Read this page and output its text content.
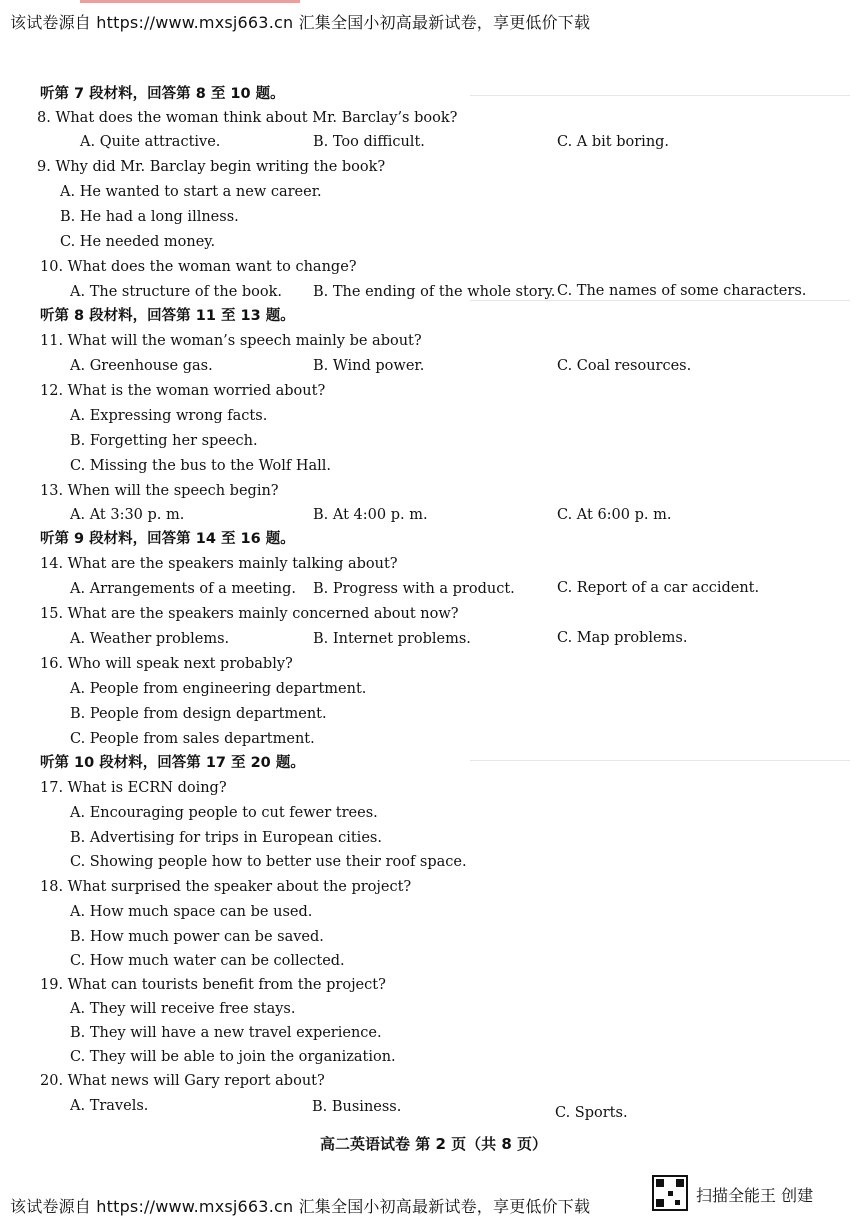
该试卷源自 https://www.mxsj663.cn 汇集全国小初高最新试卷，享更低价下载
听第 7 段材料，回答第 8 至 10 题。
8. What does the woman think about Mr. Barclay’s book?
A. Quite attractive.	B. Too difficult.	C. A bit boring.
9. Why did Mr. Barclay begin writing the book?
A. He wanted to start a new career.
B. He had a long illness.
C. He needed money.
10. What does the woman want to change?
A. The structure of the book. B. The ending of the whole story. C. The names of some characters.
听第 8 段材料，回答第 11 至 13 题。
11. What will the woman’s speech mainly be about?
A. Greenhouse gas.	B. Wind power.	C. Coal resources.
12. What is the woman worried about?
A. Expressing wrong facts.
B. Forgetting her speech.
C. Missing the bus to the Wolf Hall.
13. When will the speech begin?
A. At 3:30 p. m.	B. At 4:00 p. m.	C. At 6:00 p. m.
听第 9 段材料，回答第 14 至 16 题。
14. What are the speakers mainly talking about?
A. Arrangements of a meeting. B. Progress with a product.	C. Report of a car accident.
15. What are the speakers mainly concerned about now?
A. Weather problems.	B. Internet problems.	C. Map problems.
16. Who will speak next probably?
A. People from engineering department.
B. People from design department.
C. People from sales department.
听第 10 段材料，回答第 17 至 20 题。
17. What is ECRN doing?
A. Encouraging people to cut fewer trees.
B. Advertising for trips in European cities.
C. Showing people how to better use their roof space.
18. What surprised the speaker about the project?
A. How much space can be used.
B. How much power can be saved.
C. How much water can be collected.
19. What can tourists benefit from the project?
A. They will receive free stays.
B. They will have a new travel experience.
C. They will be able to join the organization.
20. What news will Gary report about?
A. Travels.	B. Business.	C. Sports.
高二英语试卷 第 2 页（共 8 页）
该试卷源自 https://www.mxsj663.cn 汇集全国小初高最新试卷，享更低价下载
扫描全能王 创建
